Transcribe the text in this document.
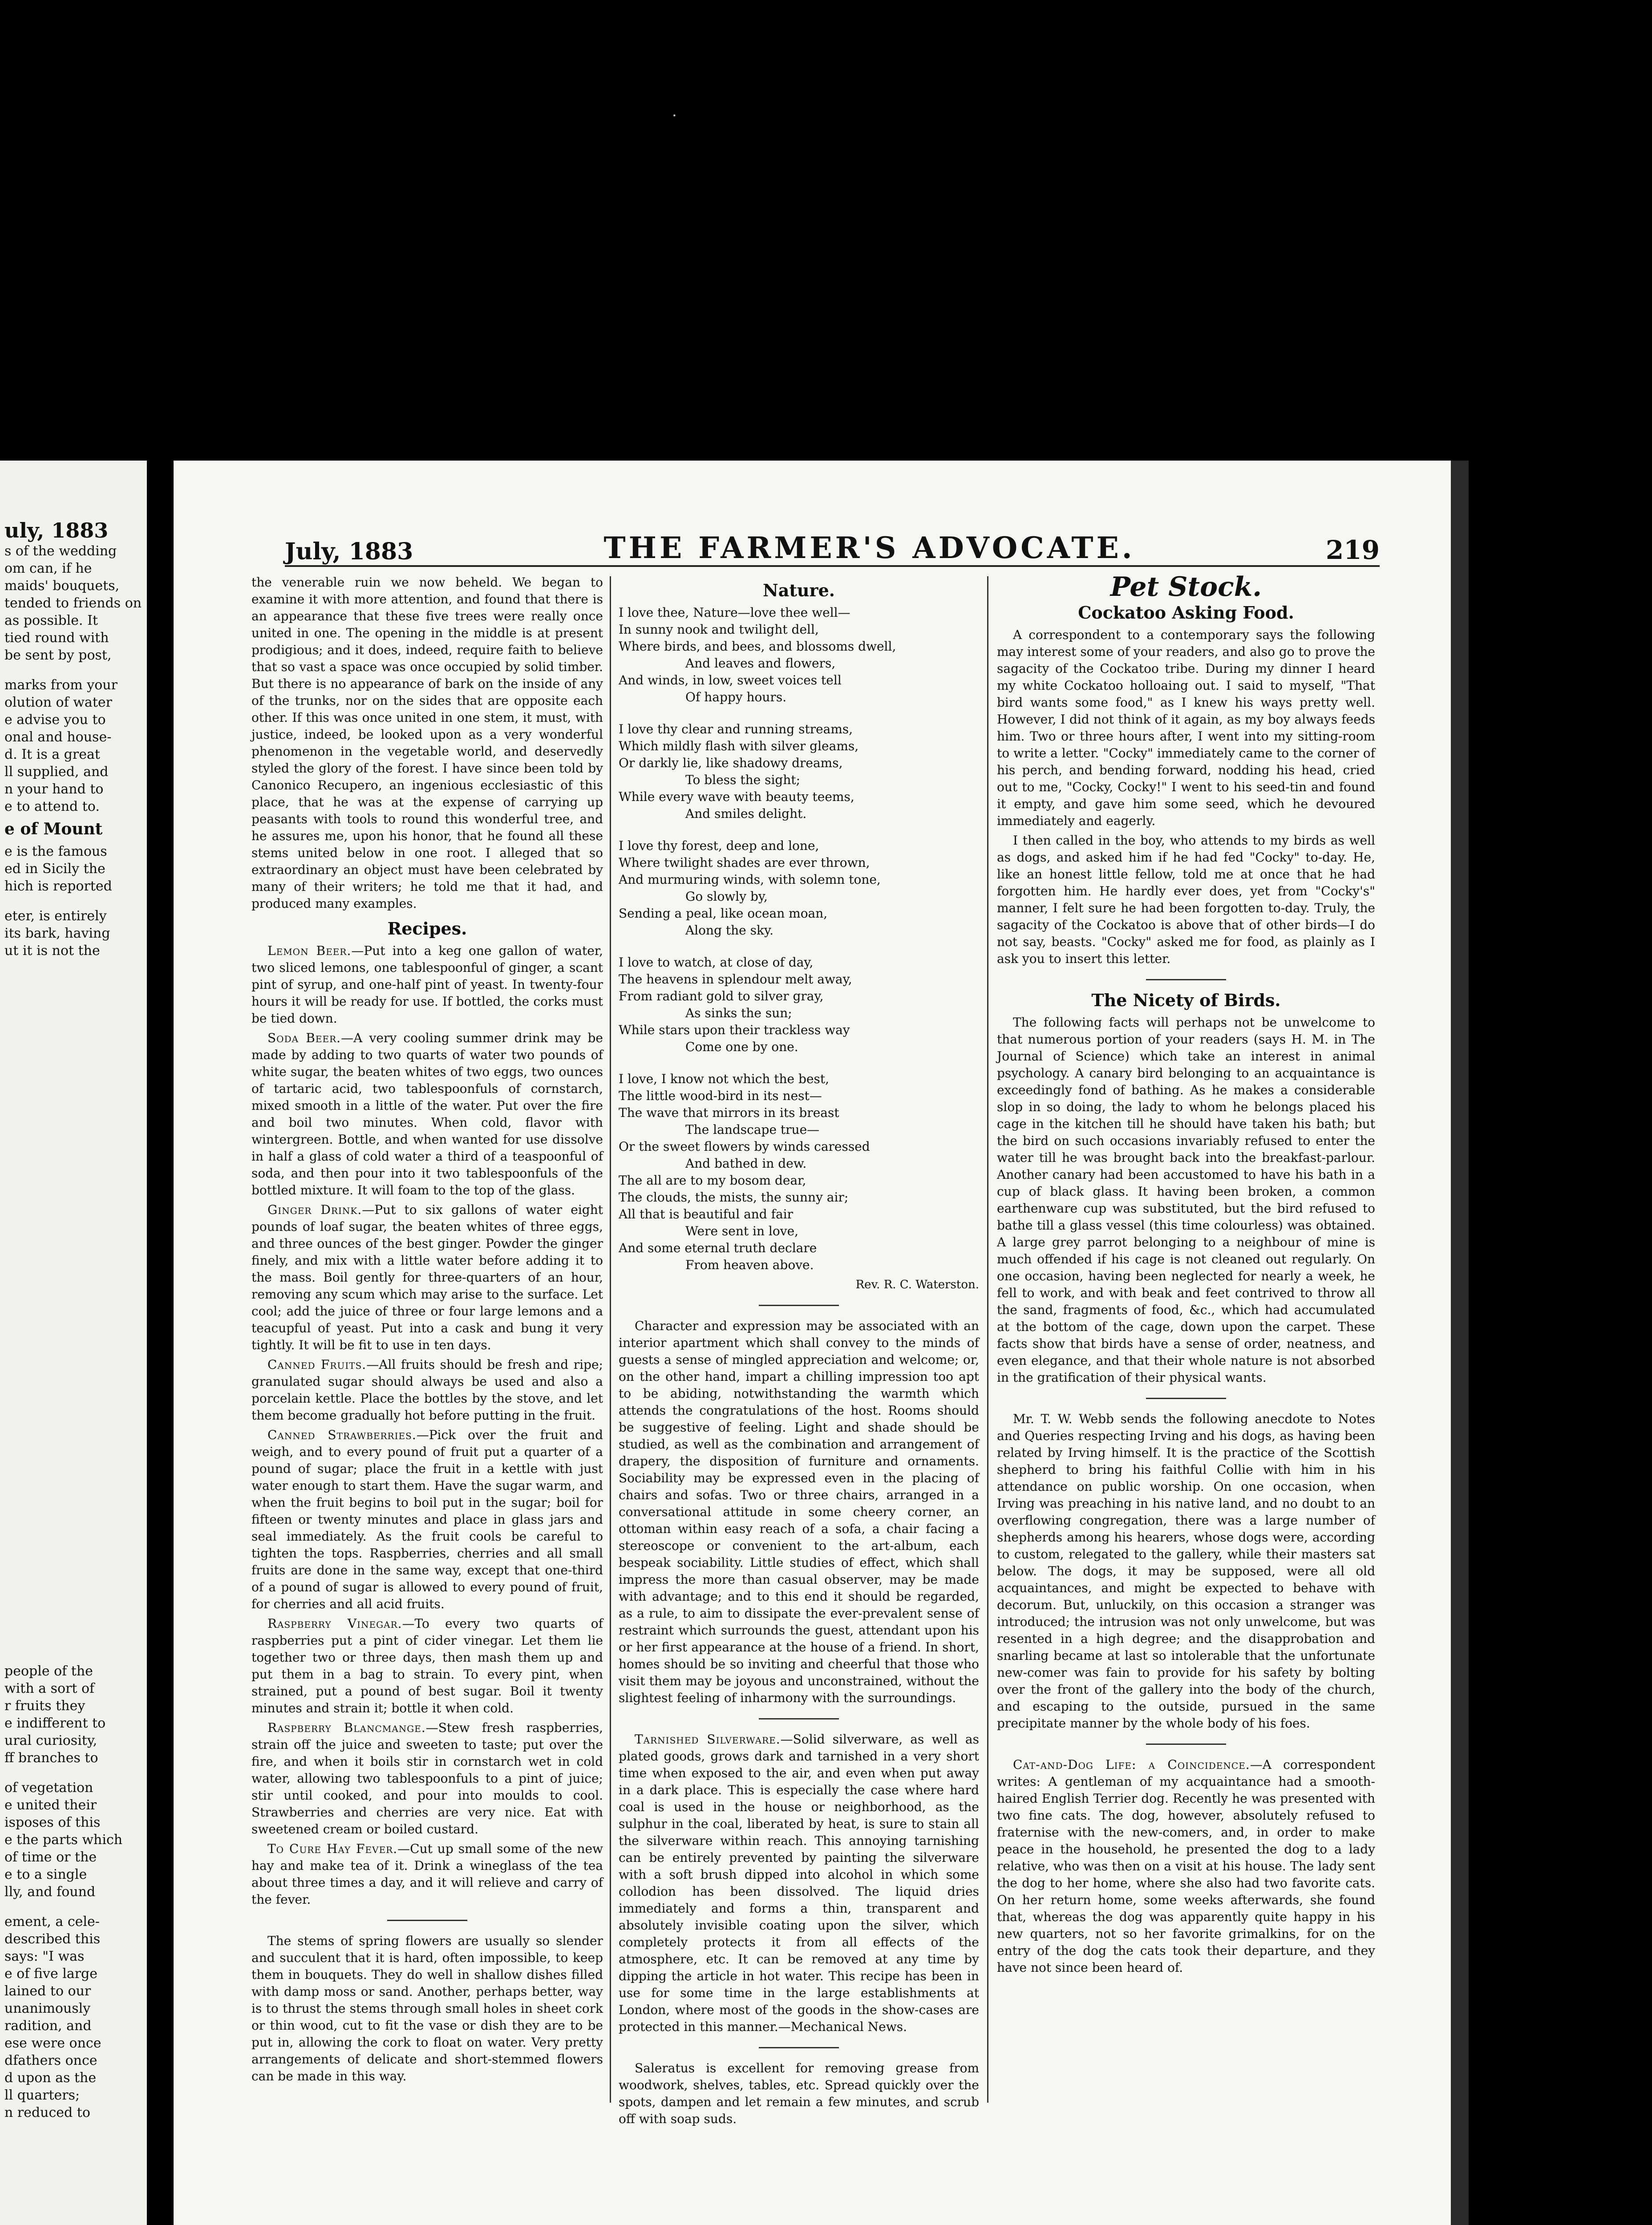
uly, 1883
s of the wedding
om can, if he
maids' bouquets,
tended to friends on
as possible. It
tied round with
be sent by post,
marks from your
olution of water
e advise you to
onal and house-
d. It is a great
ll supplied, and
n your hand to
e to attend to.
e of Mount
e is the famous
ed in Sicily the
hich is reported
eter, is entirely
its bark, having
ut it is not the
people of the
with a sort of
r fruits they
e indifferent to
ural curiosity,
ff branches to
of vegetation
e united their
isposes of this
e the parts which
of time or the
e to a single
lly, and found
ement, a cele-
described this
says: "I was
e of five large
lained to our
unanimously
radition, and
ese were once
dfathers once
d upon as the
ll quarters;
n reduced to
·
July, 1883	THE FARMER'S ADVOCATE.	219

the venerable ruin we now beheld. We began to examine it with more attention, and found that there is an appearance that these five trees were really once united in one. The opening in the middle is at present prodigious; and it does, indeed, require faith to believe that so vast a space was once occupied by solid timber. But there is no appearance of bark on the inside of any of the trunks, nor on the sides that are opposite each other. If this was once united in one stem, it must, with justice, indeed, be looked upon as a very wonderful phenomenon in the vegetable world, and deservedly styled the glory of the forest. I have since been told by Canonico Recupero, an ingenious ecclesiastic of this place, that he was at the expense of carrying up peasants with tools to round this wonderful tree, and he assures me, upon his honor, that he found all these stems united below in one root. I alleged that so extraordinary an object must have been celebrated by many of their writers; he told me that it had, and produced many examples.

Recipes.

Lemon Beer.—Put into a keg one gallon of water, two sliced lemons, one tablespoonful of ginger, a scant pint of syrup, and one-half pint of yeast. In twenty-four hours it will be ready for use. If bottled, the corks must be tied down.

Soda Beer.—A very cooling summer drink may be made by adding to two quarts of water two pounds of white sugar, the beaten whites of two eggs, two ounces of tartaric acid, two tablespoonfuls of cornstarch, mixed smooth in a little of the water. Put over the fire and boil two minutes. When cold, flavor with wintergreen. Bottle, and when wanted for use dissolve in half a glass of cold water a third of a teaspoonful of soda, and then pour into it two tablespoonfuls of the bottled mixture. It will foam to the top of the glass.

Ginger Drink.—Put to six gallons of water eight pounds of loaf sugar, the beaten whites of three eggs, and three ounces of the best ginger. Powder the ginger finely, and mix with a little water before adding it to the mass. Boil gently for three-quarters of an hour, removing any scum which may arise to the surface. Let cool; add the juice of three or four large lemons and a teacupful of yeast. Put into a cask and bung it very tightly. It will be fit to use in ten days.

Canned Fruits.—All fruits should be fresh and ripe; granulated sugar should always be used and also a porcelain kettle. Place the bottles by the stove, and let them become gradually hot before putting in the fruit.

Canned Strawberries.—Pick over the fruit and weigh, and to every pound of fruit put a quarter of a pound of sugar; place the fruit in a kettle with just water enough to start them. Have the sugar warm, and when the fruit begins to boil put in the sugar; boil for fifteen or twenty minutes and place in glass jars and seal immediately. As the fruit cools be careful to tighten the tops. Raspberries, cherries and all small fruits are done in the same way, except that one-third of a pound of sugar is allowed to every pound of fruit, for cherries and all acid fruits.

Raspberry Vinegar.—To every two quarts of raspberries put a pint of cider vinegar. Let them lie together two or three days, then mash them up and put them in a bag to strain. To every pint, when strained, put a pound of best sugar. Boil it twenty minutes and strain it; bottle it when cold.

Raspberry Blancmange.—Stew fresh raspberries, strain off the juice and sweeten to taste; put over the fire, and when it boils stir in cornstarch wet in cold water, allowing two tablespoonfuls to a pint of juice; stir until cooked, and pour into moulds to cool. Strawberries and cherries are very nice. Eat with sweetened cream or boiled custard.

To Cure Hay Fever.—Cut up small some of the new hay and make tea of it. Drink a wineglass of the tea about three times a day, and it will relieve and carry of the fever.

The stems of spring flowers are usually so slender and succulent that it is hard, often impossible, to keep them in bouquets. They do well in shallow dishes filled with damp moss or sand. Another, perhaps better, way is to thrust the stems through small holes in sheet cork or thin wood, cut to fit the vase or dish they are to be put in, allowing the cork to float on water. Very pretty arrangements of delicate and short-stemmed flowers can be made in this way.

Nature.
I love thee, Nature—love thee well—
In sunny nook and twilight dell,
Where birds, and bees, and blossoms dwell,
And leaves and flowers,
And winds, in low, sweet voices tell
Of happy hours.
I love thy clear and running streams,
Which mildly flash with silver gleams,
Or darkly lie, like shadowy dreams,
To bless the sight;
While every wave with beauty teems,
And smiles delight.
I love thy forest, deep and lone,
Where twilight shades are ever thrown,
And murmuring winds, with solemn tone,
Go slowly by,
Sending a peal, like ocean moan,
Along the sky.
I love to watch, at close of day,
The heavens in splendour melt away,
From radiant gold to silver gray,
As sinks the sun;
While stars upon their trackless way
Come one by one.
I love, I know not which the best,
The little wood-bird in its nest—
The wave that mirrors in its breast
The landscape true—
Or the sweet flowers by winds caressed
And bathed in dew.
The all are to my bosom dear,
The clouds, the mists, the sunny air;
All that is beautiful and fair
Were sent in love,
And some eternal truth declare
From heaven above.
Rev. R. C. Waterston.

Character and expression may be associated with an interior apartment which shall convey to the minds of guests a sense of mingled appreciation and welcome; or, on the other hand, impart a chilling impression too apt to be abiding, notwithstanding the warmth which attends the congratulations of the host. Rooms should be suggestive of feeling. Light and shade should be studied, as well as the combination and arrangement of drapery, the disposition of furniture and ornaments. Sociability may be expressed even in the placing of chairs and sofas. Two or three chairs, arranged in a conversational attitude in some cheery corner, an ottoman within easy reach of a sofa, a chair facing a stereoscope or convenient to the art-album, each bespeak sociability. Little studies of effect, which shall impress the more than casual observer, may be made with advantage; and to this end it should be regarded, as a rule, to aim to dissipate the ever-prevalent sense of restraint which surrounds the guest, attendant upon his or her first appearance at the house of a friend. In short, homes should be so inviting and cheerful that those who visit them may be joyous and unconstrained, without the slightest feeling of inharmony with the surroundings.

Tarnished Silverware.—Solid silverware, as well as plated goods, grows dark and tarnished in a very short time when exposed to the air, and even when put away in a dark place. This is especially the case where hard coal is used in the house or neighborhood, as the sulphur in the coal, liberated by heat, is sure to stain all the silverware within reach. This annoying tarnishing can be entirely prevented by painting the silverware with a soft brush dipped into alcohol in which some collodion has been dissolved. The liquid dries immediately and forms a thin, transparent and absolutely invisible coating upon the silver, which completely protects it from all effects of the atmosphere, etc. It can be removed at any time by dipping the article in hot water. This recipe has been in use for some time in the large establishments at London, where most of the goods in the show-cases are protected in this manner.—Mechanical News.

Saleratus is excellent for removing grease from woodwork, shelves, tables, etc. Spread quickly over the spots, dampen and let remain a few minutes, and scrub off with soap suds.

Pet Stock.
Cockatoo Asking Food.

A correspondent to a contemporary says the following may interest some of your readers, and also go to prove the sagacity of the Cockatoo tribe. During my dinner I heard my white Cockatoo holloaing out. I said to myself, "That bird wants some food," as I knew his ways pretty well. However, I did not think of it again, as my boy always feeds him. Two or three hours after, I went into my sitting-room to write a letter. "Cocky" immediately came to the corner of his perch, and bending forward, nodding his head, cried out to me, "Cocky, Cocky!" I went to his seed-tin and found it empty, and gave him some seed, which he devoured immediately and eagerly.

I then called in the boy, who attends to my birds as well as dogs, and asked him if he had fed "Cocky" to-day. He, like an honest little fellow, told me at once that he had forgotten him. He hardly ever does, yet from "Cocky's" manner, I felt sure he had been forgotten to-day. Truly, the sagacity of the Cockatoo is above that of other birds—I do not say, beasts. "Cocky" asked me for food, as plainly as I ask you to insert this letter.

The Nicety of Birds.

The following facts will perhaps not be unwelcome to that numerous portion of your readers (says H. M. in The Journal of Science) which take an interest in animal psychology. A canary bird belonging to an acquaintance is exceedingly fond of bathing. As he makes a considerable slop in so doing, the lady to whom he belongs placed his cage in the kitchen till he should have taken his bath; but the bird on such occasions invariably refused to enter the water till he was brought back into the breakfast-parlour. Another canary had been accustomed to have his bath in a cup of black glass. It having been broken, a common earthenware cup was substituted, but the bird refused to bathe till a glass vessel (this time colourless) was obtained. A large grey parrot belonging to a neighbour of mine is much offended if his cage is not cleaned out regularly. On one occasion, having been neglected for nearly a week, he fell to work, and with beak and feet contrived to throw all the sand, fragments of food, &c., which had accumulated at the bottom of the cage, down upon the carpet. These facts show that birds have a sense of order, neatness, and even elegance, and that their whole nature is not absorbed in the gratification of their physical wants.

Mr. T. W. Webb sends the following anecdote to Notes and Queries respecting Irving and his dogs, as having been related by Irving himself. It is the practice of the Scottish shepherd to bring his faithful Collie with him in his attendance on public worship. On one occasion, when Irving was preaching in his native land, and no doubt to an overflowing congregation, there was a large number of shepherds among his hearers, whose dogs were, according to custom, relegated to the gallery, while their masters sat below. The dogs, it may be supposed, were all old acquaintances, and might be expected to behave with decorum. But, unluckily, on this occasion a stranger was introduced; the intrusion was not only unwelcome, but was resented in a high degree; and the disapprobation and snarling became at last so intolerable that the unfortunate new-comer was fain to provide for his safety by bolting over the front of the gallery into the body of the church, and escaping to the outside, pursued in the same precipitate manner by the whole body of his foes.

Cat-and-Dog Life: a Coincidence.—A correspondent writes: A gentleman of my acquaintance had a smooth-haired English Terrier dog. Recently he was presented with two fine cats. The dog, however, absolutely refused to fraternise with the new-comers, and, in order to make peace in the household, he presented the dog to a lady relative, who was then on a visit at his house. The lady sent the dog to her home, where she also had two favorite cats. On her return home, some weeks afterwards, she found that, whereas the dog was apparently quite happy in his new quarters, not so her favorite grimalkins, for on the entry of the dog the cats took their departure, and they have not since been heard of.
